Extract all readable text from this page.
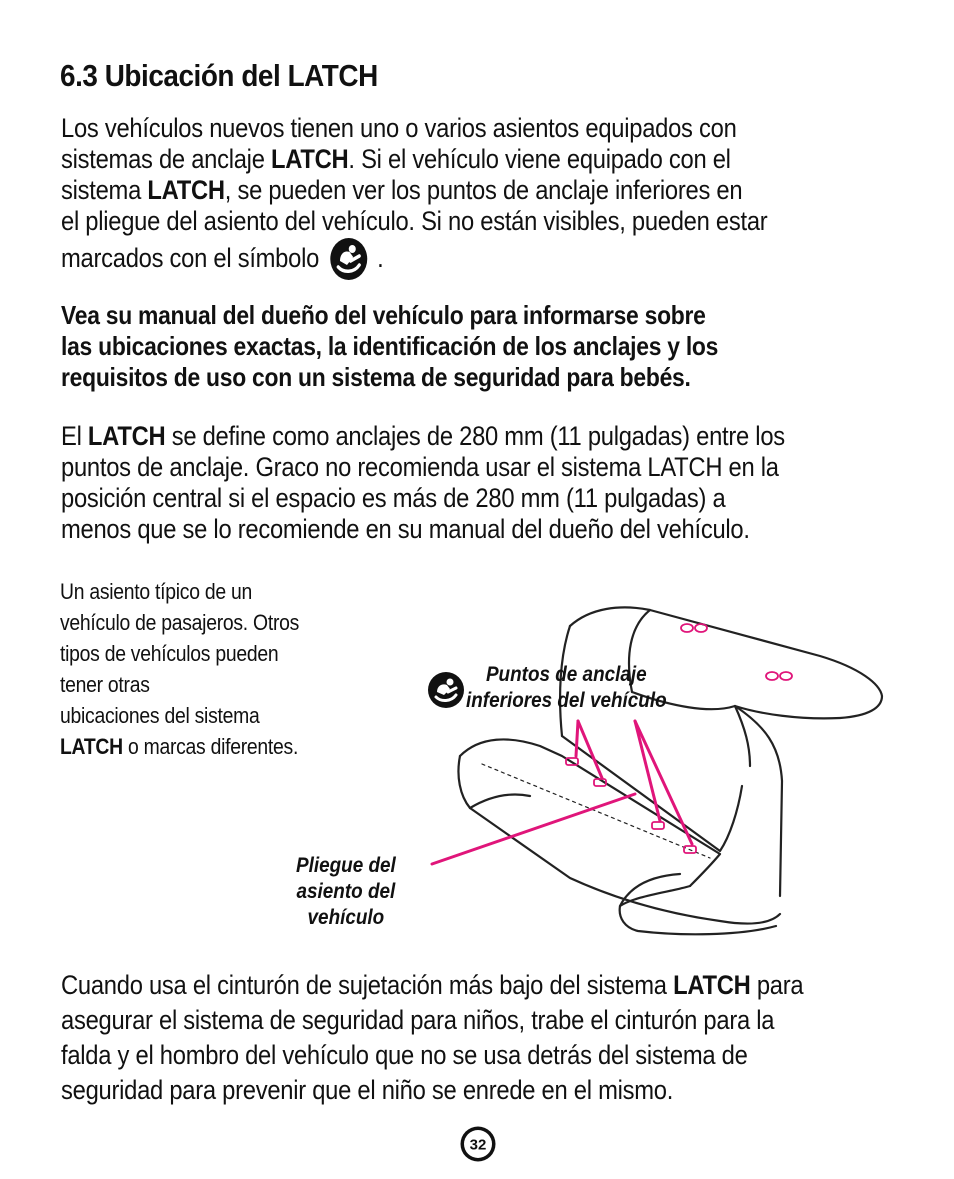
6.3 Ubicación del LATCH

Los vehículos nuevos tienen uno o varios asientos equipados con
sistemas de anclaje LATCH. Si el vehículo viene equipado con el
sistema LATCH, se pueden ver los puntos de anclaje inferiores en
el pliegue del asiento del vehículo. Si no están visibles, pueden estar
marcados con el símbolo .

Vea su manual del dueño del vehículo para informarse sobre
las ubicaciones exactas, la identificación de los anclajes y los
requisitos de uso con un sistema de seguridad para bebés.

El LATCH se define como anclajes de 280 mm (11 pulgadas) entre los
puntos de anclaje. Graco no recomienda usar el sistema LATCH en la
posición central si el espacio es más de 280 mm (11 pulgadas) a
menos que se lo recomiende en su manual del dueño del vehículo.

Un asiento típico de un
vehículo de pasajeros. Otros
tipos de vehículos pueden
tener otras
ubicaciones del sistema
LATCH o marcas diferentes.

Puntos de anclaje
inferiores del vehículo

Pliegue del
asiento del
vehículo

Cuando usa el cinturón de sujetación más bajo del sistema LATCH para
asegurar el sistema de seguridad para niños, trabe el cinturón para la
falda y el hombro del vehículo que no se usa detrás del sistema de
seguridad para prevenir que el niño se enrede en el mismo.

32
